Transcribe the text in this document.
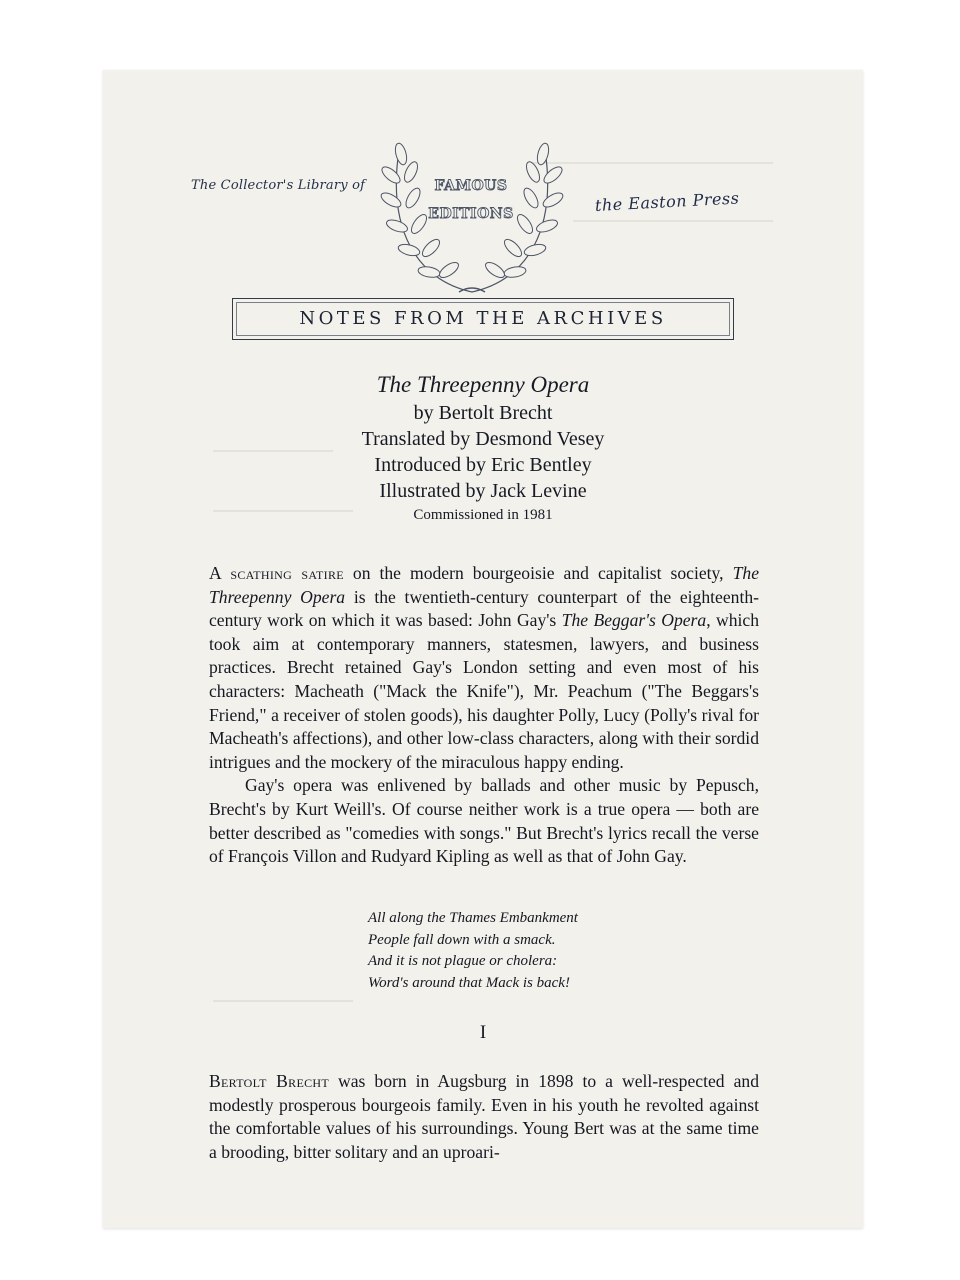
The Collector's Library of	FAMOUS
EDITIONS	the Easton Press
NOTES FROM THE ARCHIVES
The Threepenny Opera
by Bertolt Brecht
Translated by Desmond Vesey
Introduced by Eric Bentley
Illustrated by Jack Levine
Commissioned in 1981

A scathing satire on the modern bourgeoisie and capitalist society, The Threepenny Opera is the twentieth-century counterpart of the eighteenth-century work on which it was based: John Gay's The Beggar's Opera, which took aim at contemporary manners, statesmen, lawyers, and business practices. Brecht retained Gay's London setting and even most of his characters: Macheath ("Mack the Knife"), Mr. Peachum ("The Beggars's Friend," a receiver of stolen goods), his daughter Polly, Lucy (Polly's rival for Macheath's affections), and other low-class characters, along with their sordid intrigues and the mockery of the miraculous happy ending.

Gay's opera was enlivened by ballads and other music by Pepusch, Brecht's by Kurt Weill's. Of course neither work is a true opera — both are better described as "comedies with songs." But Brecht's lyrics recall the verse of François Villon and Rudyard Kipling as well as that of John Gay.

All along the Thames Embankment
People fall down with a smack.
And it is not plague or cholera:
Word's around that Mack is back!
I

Bertolt Brecht was born in Augsburg in 1898 to a well-respected and modestly prosperous bourgeois family. Even in his youth he revolted against the comfortable values of his surroundings. Young Bert was at the same time a brooding, bitter solitary and an uproari-
